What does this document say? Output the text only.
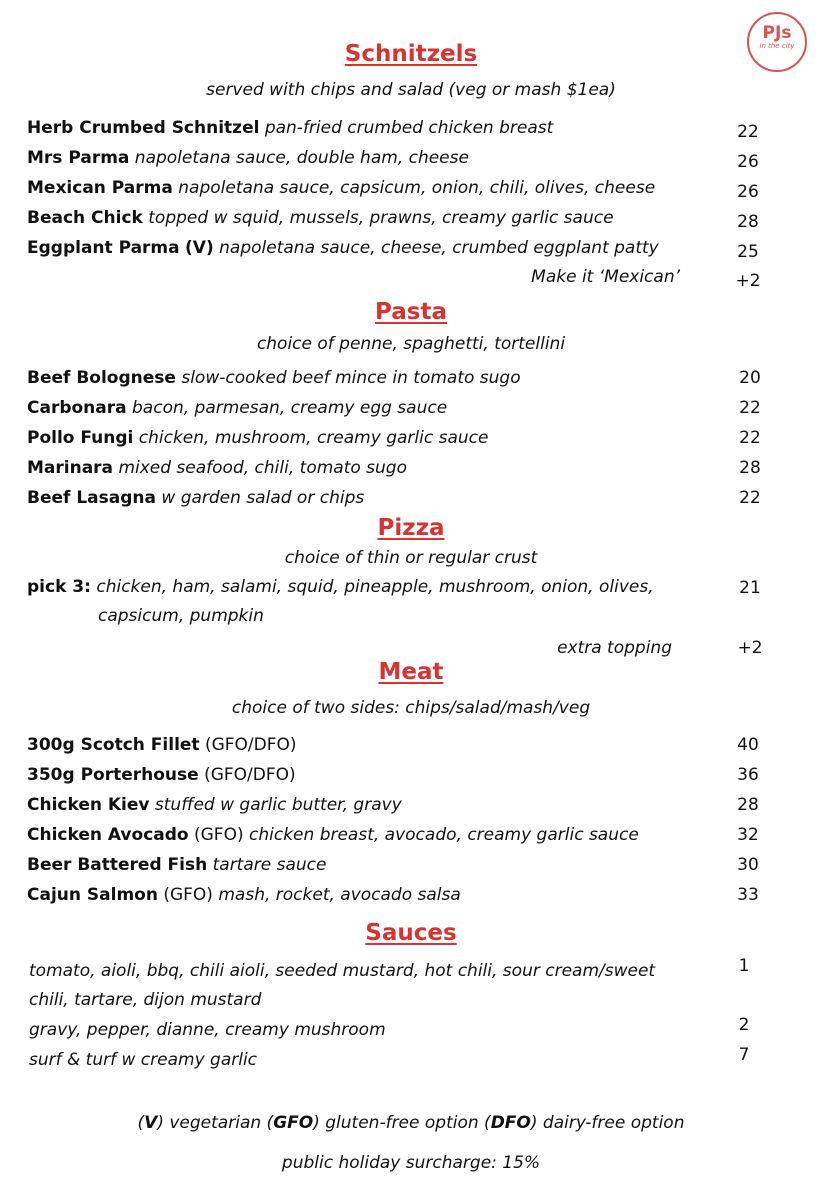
PJs
in the city
Schnitzels
served with chips and salad (veg or mash $1ea)
Herb Crumbed Schnitzel pan-fried crumbed chicken breast	22
Mrs Parma napoletana sauce, double ham, cheese	26
Mexican Parma napoletana sauce, capsicum, onion, chili, olives, cheese	26
Beach Chick topped w squid, mussels, prawns, creamy garlic sauce	28
Eggplant Parma (V) napoletana sauce, cheese, crumbed eggplant patty	25
Make it ‘Mexican’	+2
Pasta
choice of penne, spaghetti, tortellini
Beef Bolognese slow-cooked beef mince in tomato sugo	20
Carbonara bacon, parmesan, creamy egg sauce	22
Pollo Fungi chicken, mushroom, creamy garlic sauce	22
Marinara mixed seafood, chili, tomato sugo	28
Beef Lasagna w garden salad or chips	22
Pizza
choice of thin or regular crust
pick 3: chicken, ham, salami, squid, pineapple, mushroom, onion, olives,
capsicum, pumpkin
21
extra topping	+2
Meat
choice of two sides: chips/salad/mash/veg
300g Scotch Fillet (GFO/DFO)	40
350g Porterhouse (GFO/DFO)	36
Chicken Kiev stuffed w garlic butter, gravy	28
Chicken Avocado (GFO) chicken breast, avocado, creamy garlic sauce	32
Beer Battered Fish tartare sauce	30
Cajun Salmon (GFO) mash, rocket, avocado salsa	33
Sauces
tomato, aioli, bbq, chili aioli, seeded mustard, hot chili, sour cream/sweet
chili, tartare, dijon mustard
1
gravy, pepper, dianne, creamy mushroom	2
surf & turf w creamy garlic	7
(V) vegetarian (GFO) gluten-free option (DFO) dairy-free option
public holiday surcharge: 15%
